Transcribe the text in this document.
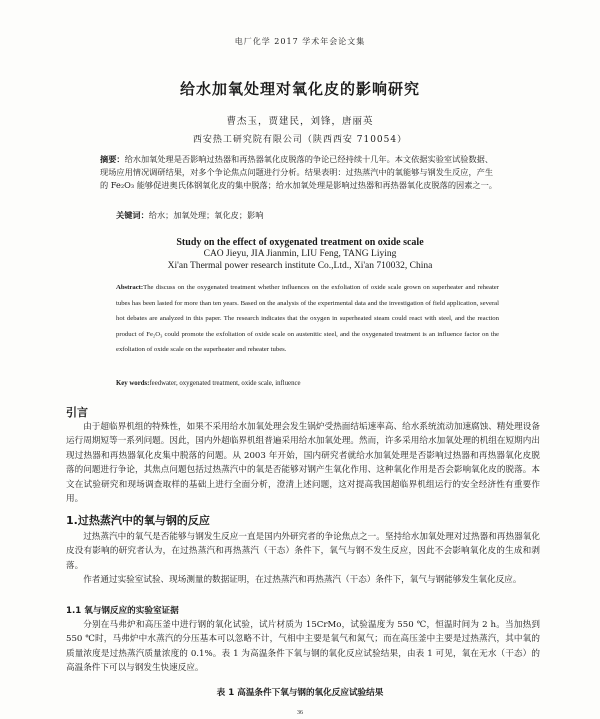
电厂化学 2017 学术年会论文集
给水加氧处理对氧化皮的影响研究
曹杰玉，贾建民，刘锋，唐丽英
西安热工研究院有限公司（陕西西安 710054）
摘要：给水加氧处理是否影响过热器和再热器氧化皮脱落的争论已经持续十几年。本文依据实验室试验数据、现场应用情况调研结果，对多个争论焦点问题进行分析。结果表明：过热蒸汽中的氧能够与钢发生反应，产生的 Fe₂O₃ 能够促进奥氏体钢氧化皮的集中脱落；给水加氧处理是影响过热器和再热器氧化皮脱落的因素之一。
关键词：给水；加氧处理；氧化皮；影响
Study on the effect of oxygenated treatment on oxide scale
CAO Jieyu, JIA Jianmin, LIU Feng, TANG Liying
Xi'an Thermal power research institute Co.,Ltd., Xi'an 710032, China
Abstract:The discuss on the oxygenated treatment whether influences on the exfoliation of oxide scale grown on superheater and reheater tubes has been lasted for more than ten years. Based on the analysis of the experimental data and the investigation of field application, several hot debates are analyzed in this paper. The research indicates that the oxygen in superheated steam could react with steel, and the reaction product of Fe₂O₃ could promote the exfoliation of oxide scale on austenitic steel, and the oxygenated treatment is an influence factor on the exfoliation of oxide scale on the superheater and reheater tubes.
Key words:feedwater, oxygenated treatment, oxide scale, influence
引言
由于超临界机组的特殊性，如果不采用给水加氧处理会发生锅炉受热面结垢速率高、给水系统流动加速腐蚀、精处理设备运行周期短等一系列问题。因此，国内外超临界机组普遍采用给水加氧处理。然而，许多采用给水加氧处理的机组在短期内出现过热器和再热器氧化皮集中脱落的问题。从 2003 年开始，国内研究者就给水加氧处理是否影响过热器和再热器氧化皮脱落的问题进行争论，其焦点问题包括过热蒸汽中的氧是否能够对钢产生氧化作用、这种氧化作用是否会影响氧化皮的脱落。本文在试验研究和现场调查取样的基础上进行全面分析，澄清上述问题，这对提高我国超临界机组运行的安全经济性有重要作用。
1.过热蒸汽中的氧与钢的反应
过热蒸汽中的氧气是否能够与钢发生反应一直是国内外研究者的争论焦点之一。坚持给水加氧处理对过热器和再热器氧化皮没有影响的研究者认为，在过热蒸汽和再热蒸汽（干态）条件下，氧气与钢不发生反应，因此不会影响氧化皮的生成和剥落。
作者通过实验室试验、现场测量的数据证明，在过热蒸汽和再热蒸汽（干态）条件下，氧气与钢能够发生氧化反应。
1.1 氧与钢反应的实验室证据
分别在马弗炉和高压釜中进行钢的氧化试验，试片材质为 15CrMo，试验温度为 550 ℃，恒温时间为 2 h。当加热到 550 ℃时，马弗炉中水蒸汽的分压基本可以忽略不计，气相中主要是氧气和氮气；而在高压釜中主要是过热蒸汽，其中氧的质量浓度是过热蒸汽质量浓度的 0.1%。表 1 为高温条件下氧与钢的氧化反应试验结果，由表 1 可见，氧在无水（干态）的高温条件下可以与钢发生快速反应。
表 1 高温条件下氧与钢的氧化反应试验结果
36
